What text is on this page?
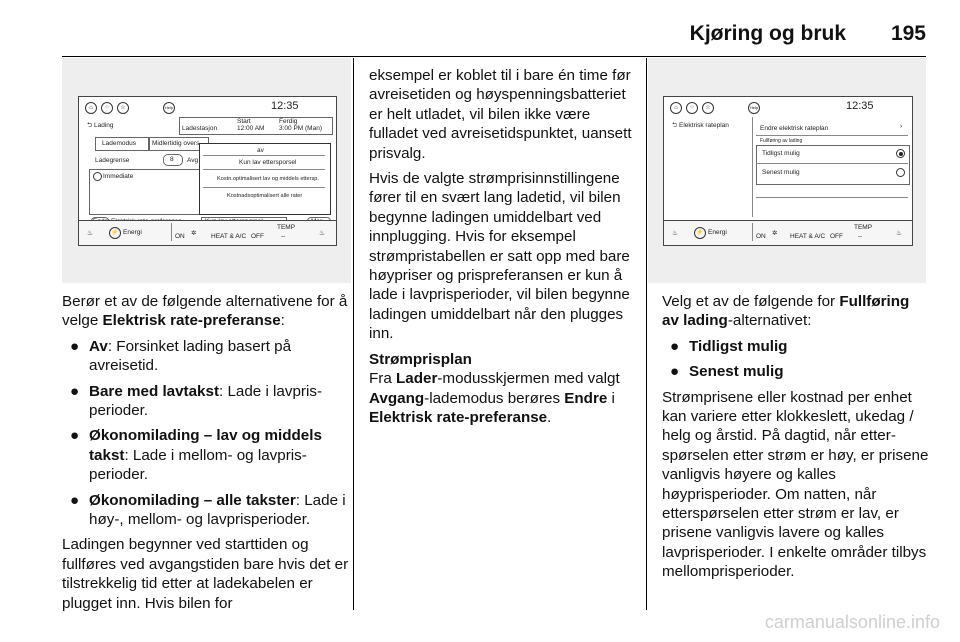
Kjøring og bruk	195
⌂	⁘	☆	Help	12:35
⮌ Lading	Ladestasjon
Start
12:00 AM
Ferdig
3:00 PM (Man)
Lademodus Midlertidig overs
Ladegrense	8 Avg
Immediate
av
Kun lav ettersporsel
Kostn.optimalisert lav og middels ettersp.
Kostnadsoptimalisert alle rater
♨	⚡ Energi
ON ✲ HEAT & A/C OFF
TEMP
--	♨
⌂	⁘	☆	Help	12:35
⮌ Elektrisk rateplan	Endre elektrisk rateplan	›
Fullføring av lading
Tidligst mulig
Senest mulig
♨	⚡ Energi
ON ✲ HEAT & A/C OFF
TEMP
--	♨

Berør et av de følgende alternativene for å velge Elektrisk rate-preferanse:

● Av: Forsinket lading basert på avreisetid.
● Bare med lavtakst: Lade i lavprisperioder.
● Økonomilading – lav og middels takst: Lade i mellom- og lavprisperioder.
● Økonomilading – alle takster: Lade i høy-, mellom- og lavprisperioder.

Ladingen begynner ved starttiden og fullføres ved avgangstiden bare hvis det er tilstrekkelig tid etter at ladekabelen er plugget inn. Hvis bilen for

eksempel er koblet til i bare én time før avreisetiden og høyspenningsbatteriet er helt utladet, vil bilen ikke være fulladet ved avreisetidspunktet, uansett prisvalg.

Hvis de valgte strømprisinnstillingene fører til en svært lang ladetid, vil bilen begynne ladingen umiddelbart ved innplugging. Hvis for eksempel strømpristabellen er satt opp med bare høypriser og prispreferansen er kun å lade i lavprisperioder, vil bilen begynne ladingen umiddelbart når den plugges inn.

Strømprisplan

Fra Lader-modusskjermen med valgt Avgang-lademodus berøres Endre i Elektrisk rate-preferanse.

Velg et av de følgende for Fullføring av lading-alternativet:

● Tidligst mulig
● Senest mulig

Strømprisene eller kostnad per enhet kan variere etter klokkeslett, ukedag / helg og årstid. På dagtid, når etterspørselen etter strøm er høy, er prisene vanligvis høyere og kalles høyprisperioder. Om natten, når etterspørselen etter strøm er lav, er prisene vanligvis lavere og kalles lavprisperioder. I enkelte områder tilbys mellomprisperioder.

carmanualsonline.info
